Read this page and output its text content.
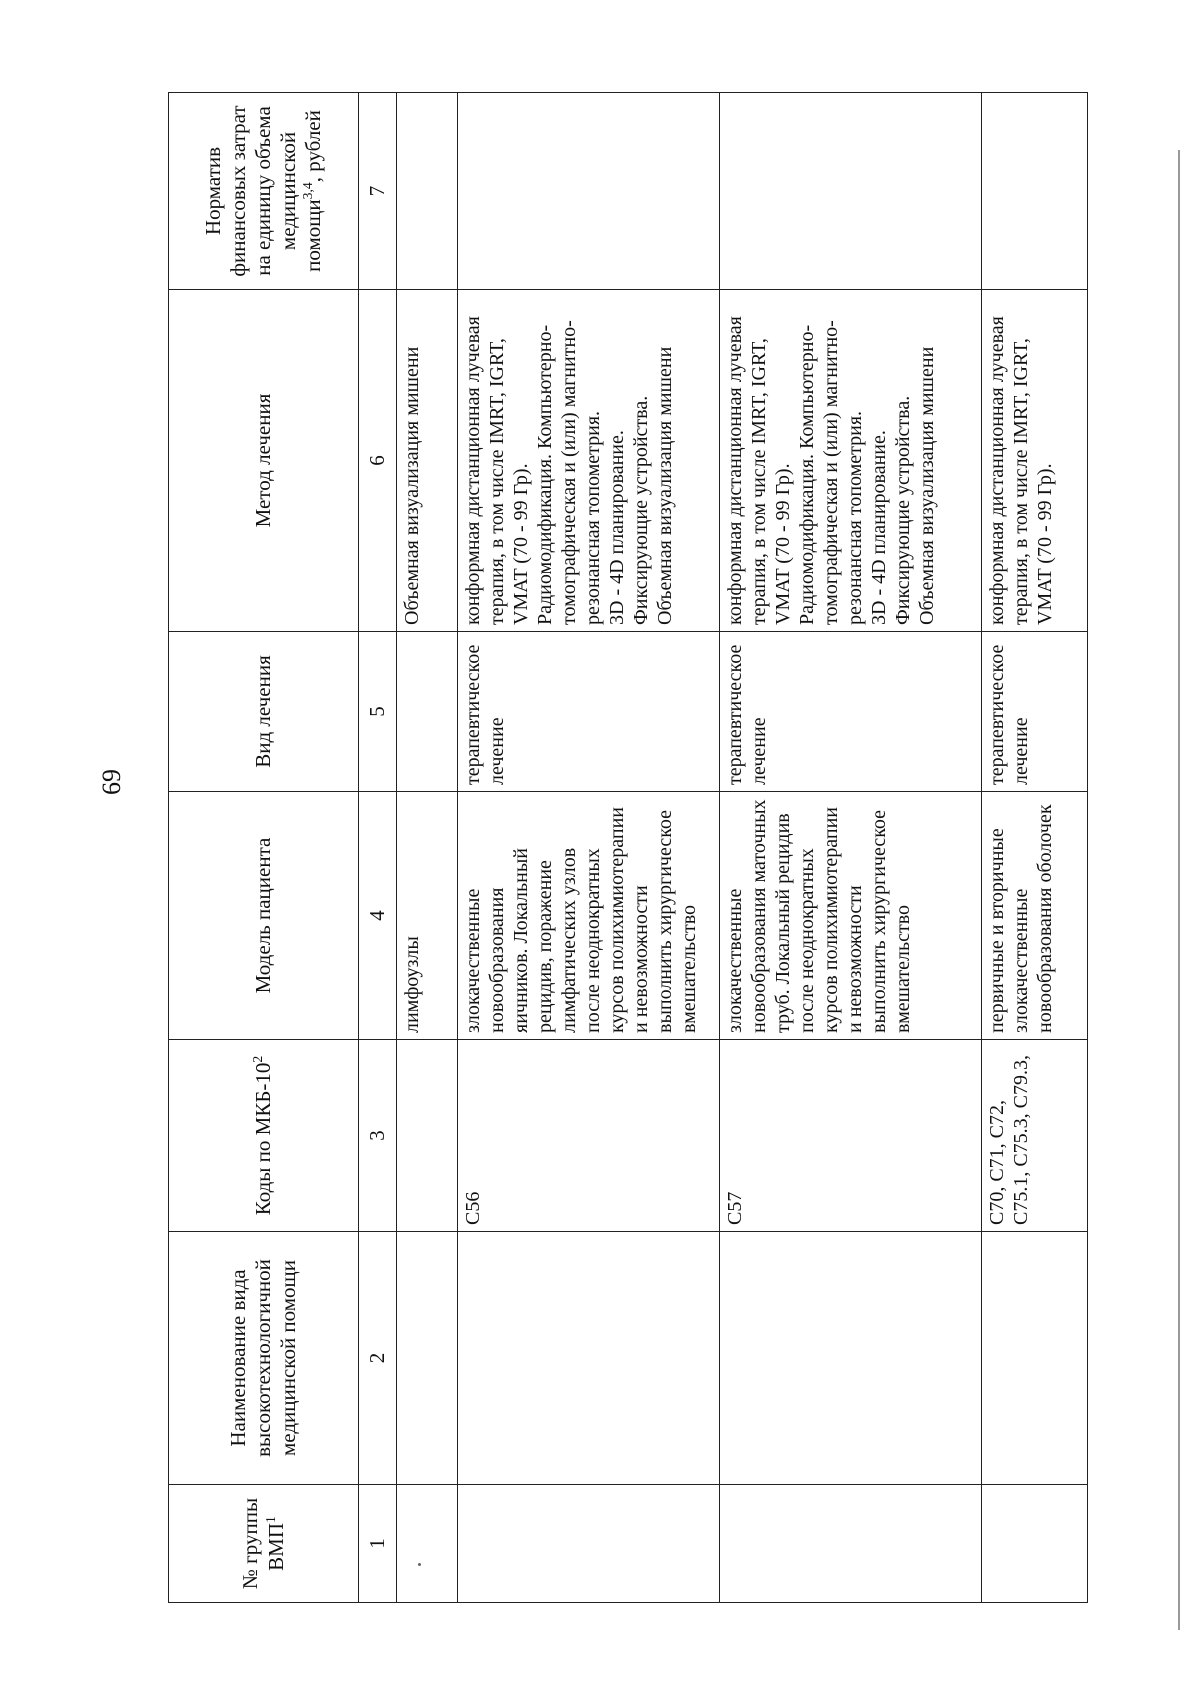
69
№ группы ВМП$^1$	Наименование вида высокотехнологичной медицинской помощи	Коды по МКБ-$10^2$	Модель пациента	Вид лечения	Метод лечения	Норматив финансовых затрат на единицу объема медицинской помощи$^{3,4}$, рублей
1	2	3	4	5	6	7
			лимфоузлы		Объемная визуализация мишени	
		C56	злокачественные новообразования яичников. Локальный рецидив, поражение лимфатических узлов после неоднократных курсов полихимиотерапии и невозможности выполнить хирургическое вмешательство	терапевтическое лечение	конформная дистанционная лучевая терапия, в том числе IMRT, IGRT, VMAT (70 - 99 Гр).
Радиомодификация. Компьютерно-томографическая и (или) магнитно-резонансная топометрия.
3D - 4D планирование.
Фиксирующие устройства.
Объемная визуализация мишени	
		C57	злокачественные новообразования маточных труб. Локальный рецидив после неоднократных курсов полихимиотерапии и невозможности выполнить хирургическое вмешательство	терапевтическое лечение	конформная дистанционная лучевая терапия, в том числе IMRT, IGRT, VMAT (70 - 99 Гр).
Радиомодификация. Компьютерно-томографическая и (или) магнитно-резонансная топометрия.
3D - 4D планирование.
Фиксирующие устройства.
Объемная визуализация мишени	
		C70, C71, C72, C75.1, C75.3, C79.3,	первичные и вторичные злокачественные новообразования оболочек	терапевтическое лечение	конформная дистанционная лучевая терапия, в том числе IMRT, IGRT, VMAT (70 - 99 Гр).	
